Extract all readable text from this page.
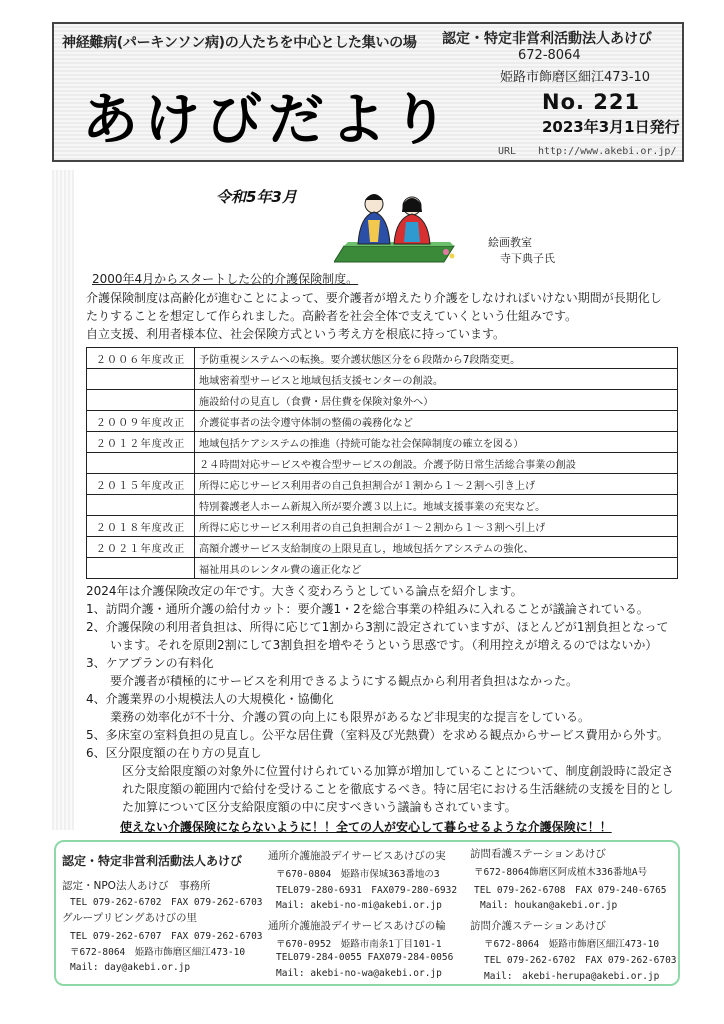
神経難病(パーキンソン病)の人たちを中心とした集いの場
あけびだより
認定・特定非営利活動法人あけび
672-8064
姫路市飾磨区細江473-10
No. 221
2023年3月1日発行
URL http://www.akebi.or.jp/
令和5年3月
絵画教室
寺下典子氏
2000年4月からスタートした公的介護保険制度。
介護保険制度は高齢化が進むことによって、要介護者が増えたり介護をしなければいけない期間が長期化し
たりすることを想定して作られました。高齢者を社会全体で支えていくという仕組みです。
自立支援、利用者様本位、社会保険方式という考え方を根底に持っています。
２００６年度改正	予防重視システムへの転換。要介護状態区分を６段階から7段階変更。
	地域密着型サービスと地域包括支援センターの創設。
	施設給付の見直し（食費・居住費を保険対象外へ）
２００９年度改正	介護従事者の法令遵守体制の整備の義務化など
２０１２年度改正	地域包括ケアシステムの推進（持続可能な社会保障制度の確立を図る）
	２４時間対応サービスや複合型サービスの創設。介護予防日常生活総合事業の創設
２０１５年度改正	所得に応じサービス利用者の自己負担割合が１割から１～２割へ引き上げ
	特別養護老人ホーム新規入所が要介護３以上に。地域支援事業の充実など。
２０１８年度改正	所得に応じサービス利用者の自己負担割合が１～２割から１～３割へ引上げ
２０２１年度改正	高額介護サービス支給制度の上限見直し，地域包括ケアシステムの強化、
	福祉用具のレンタル費の適正化など
2024年は介護保険改定の年です。大きく変わろうとしている論点を紹介します。
1、訪問介護・通所介護の給付カット：要介護1・2を総合事業の枠組みに入れることが議論されている。
2、介護保険の利用者負担は、所得に応じて1割から3割に設定されていますが、ほとんどが1割負担となって
　　います。それを原則2割にして3割負担を増やそうという思惑です。（利用控えが増えるのではないか）
3、ケアプランの有料化
　　要介護者が積極的にサービスを利用できるようにする観点から利用者負担はなかった。
4、介護業界の小規模法人の大規模化・協働化
　　業務の効率化が不十分、介護の質の向上にも限界があるなど非現実的な提言をしている。
5、多床室の室料負担の見直し。公平な居住費（室料及び光熱費）を求める観点からサービス費用から外す。
6、区分限度額の在り方の見直し
　　　区分支給限度額の対象外に位置付けられている加算が増加していることについて、制度創設時に設定さ
　　　れた限度額の範囲内で給付を受けることを徹底するべき。特に居宅における生活継続の支援を目的とし
　　　た加算について区分支給限度額の中に戻すべきいう議論もされています。
使えない介護保険にならないように！！全ての人が安心して暮らせるような介護保険に！！
認定・特定非営利活動法人あけび
認定・NPO法人あけび　事務所
TEL 079-262-6702　FAX 079-262-6703
グループリビングあけびの里
TEL 079-262-6707　FAX 079-262-6703
〒672-8064　姫路市飾磨区細江473-10
Mail: day@akebi.or.jp
通所介護施設デイサービスあけびの実
〒670-0804　姫路市保城363番地の3
TEL079-280-6931　FAX079-280-6932
Mail: akebi-no-mi@akebi.or.jp
通所介護施設デイサービスあけびの輪
〒670-0952　姫路市南条1丁目101-1
TEL079-284-0055 FAX079-284-0056
Mail: akebi-no-wa@akebi.or.jp
訪問看護ステーションあけび
〒672-8064飾磨区阿成植木336番地A号
TEL 079-262-6708　FAX 079-240-6765
Mail: houkan@akebi.or.jp
訪問介護ステーションあけび
〒672-8064　姫路市飾磨区細江473-10
TEL 079-262-6702　FAX 079-262-6703
Mail:　akebi-herupa@akebi.or.jp
